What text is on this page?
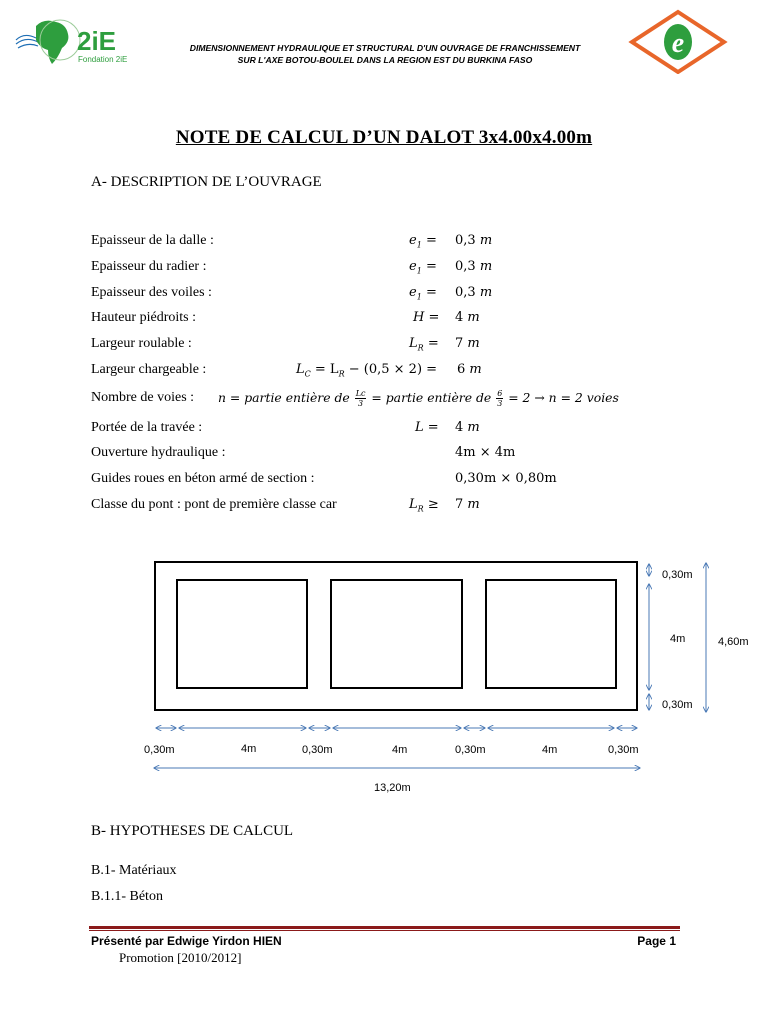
2iE
Fondation 2iE
DIMENSIONNEMENT HYDRAULIQUE ET STRUCTURAL D'UN OUVRAGE DE FRANCHISSEMENT
SUR L'AXE BOTOU-BOULEL DANS LA REGION EST DU BURKINA FASO
e
NOTE DE CALCUL D’UN DALOT 3x4.00x4.00m
A- DESCRIPTION DE L’OUVRAGE
Epaisseur de la dalle :	$e_1 = 0,3$ m
Epaisseur du radier :	$e_1 = 0,3$ m
Epaisseur des voiles :	$e_1 = 0,3$ m
Hauteur piédroits :	H = 4 m
Largeur roulable :	$L_R = 7$ m
Largeur chargeable :	$L_C = L_R - (0,5 \times 2) = 6$ m
Nombre de voies : n = partie entière de $\frac{Lc}{3}$ = partie entière de $\frac{6}{3} = 2 \to n = 2$ voies
Portée de la travée :	L = 4 m
Ouverture hydraulique :	4m × 4m
Guides roues en béton armé de section :	0,30m × 0,80m
Classe du pont : pont de première classe car	$L_R \ge 7$ m
0,30m
4m
0,30m
4,60m
0,30m	4m	0,30m	4m	0,30m	4m	0,30m
13,20m
B- HYPOTHESES DE CALCUL
B.1- Matériaux
B.1.1- Béton
Présenté par Edwige Yirdon HIEN	Page 1
Promotion [2010/2012]
